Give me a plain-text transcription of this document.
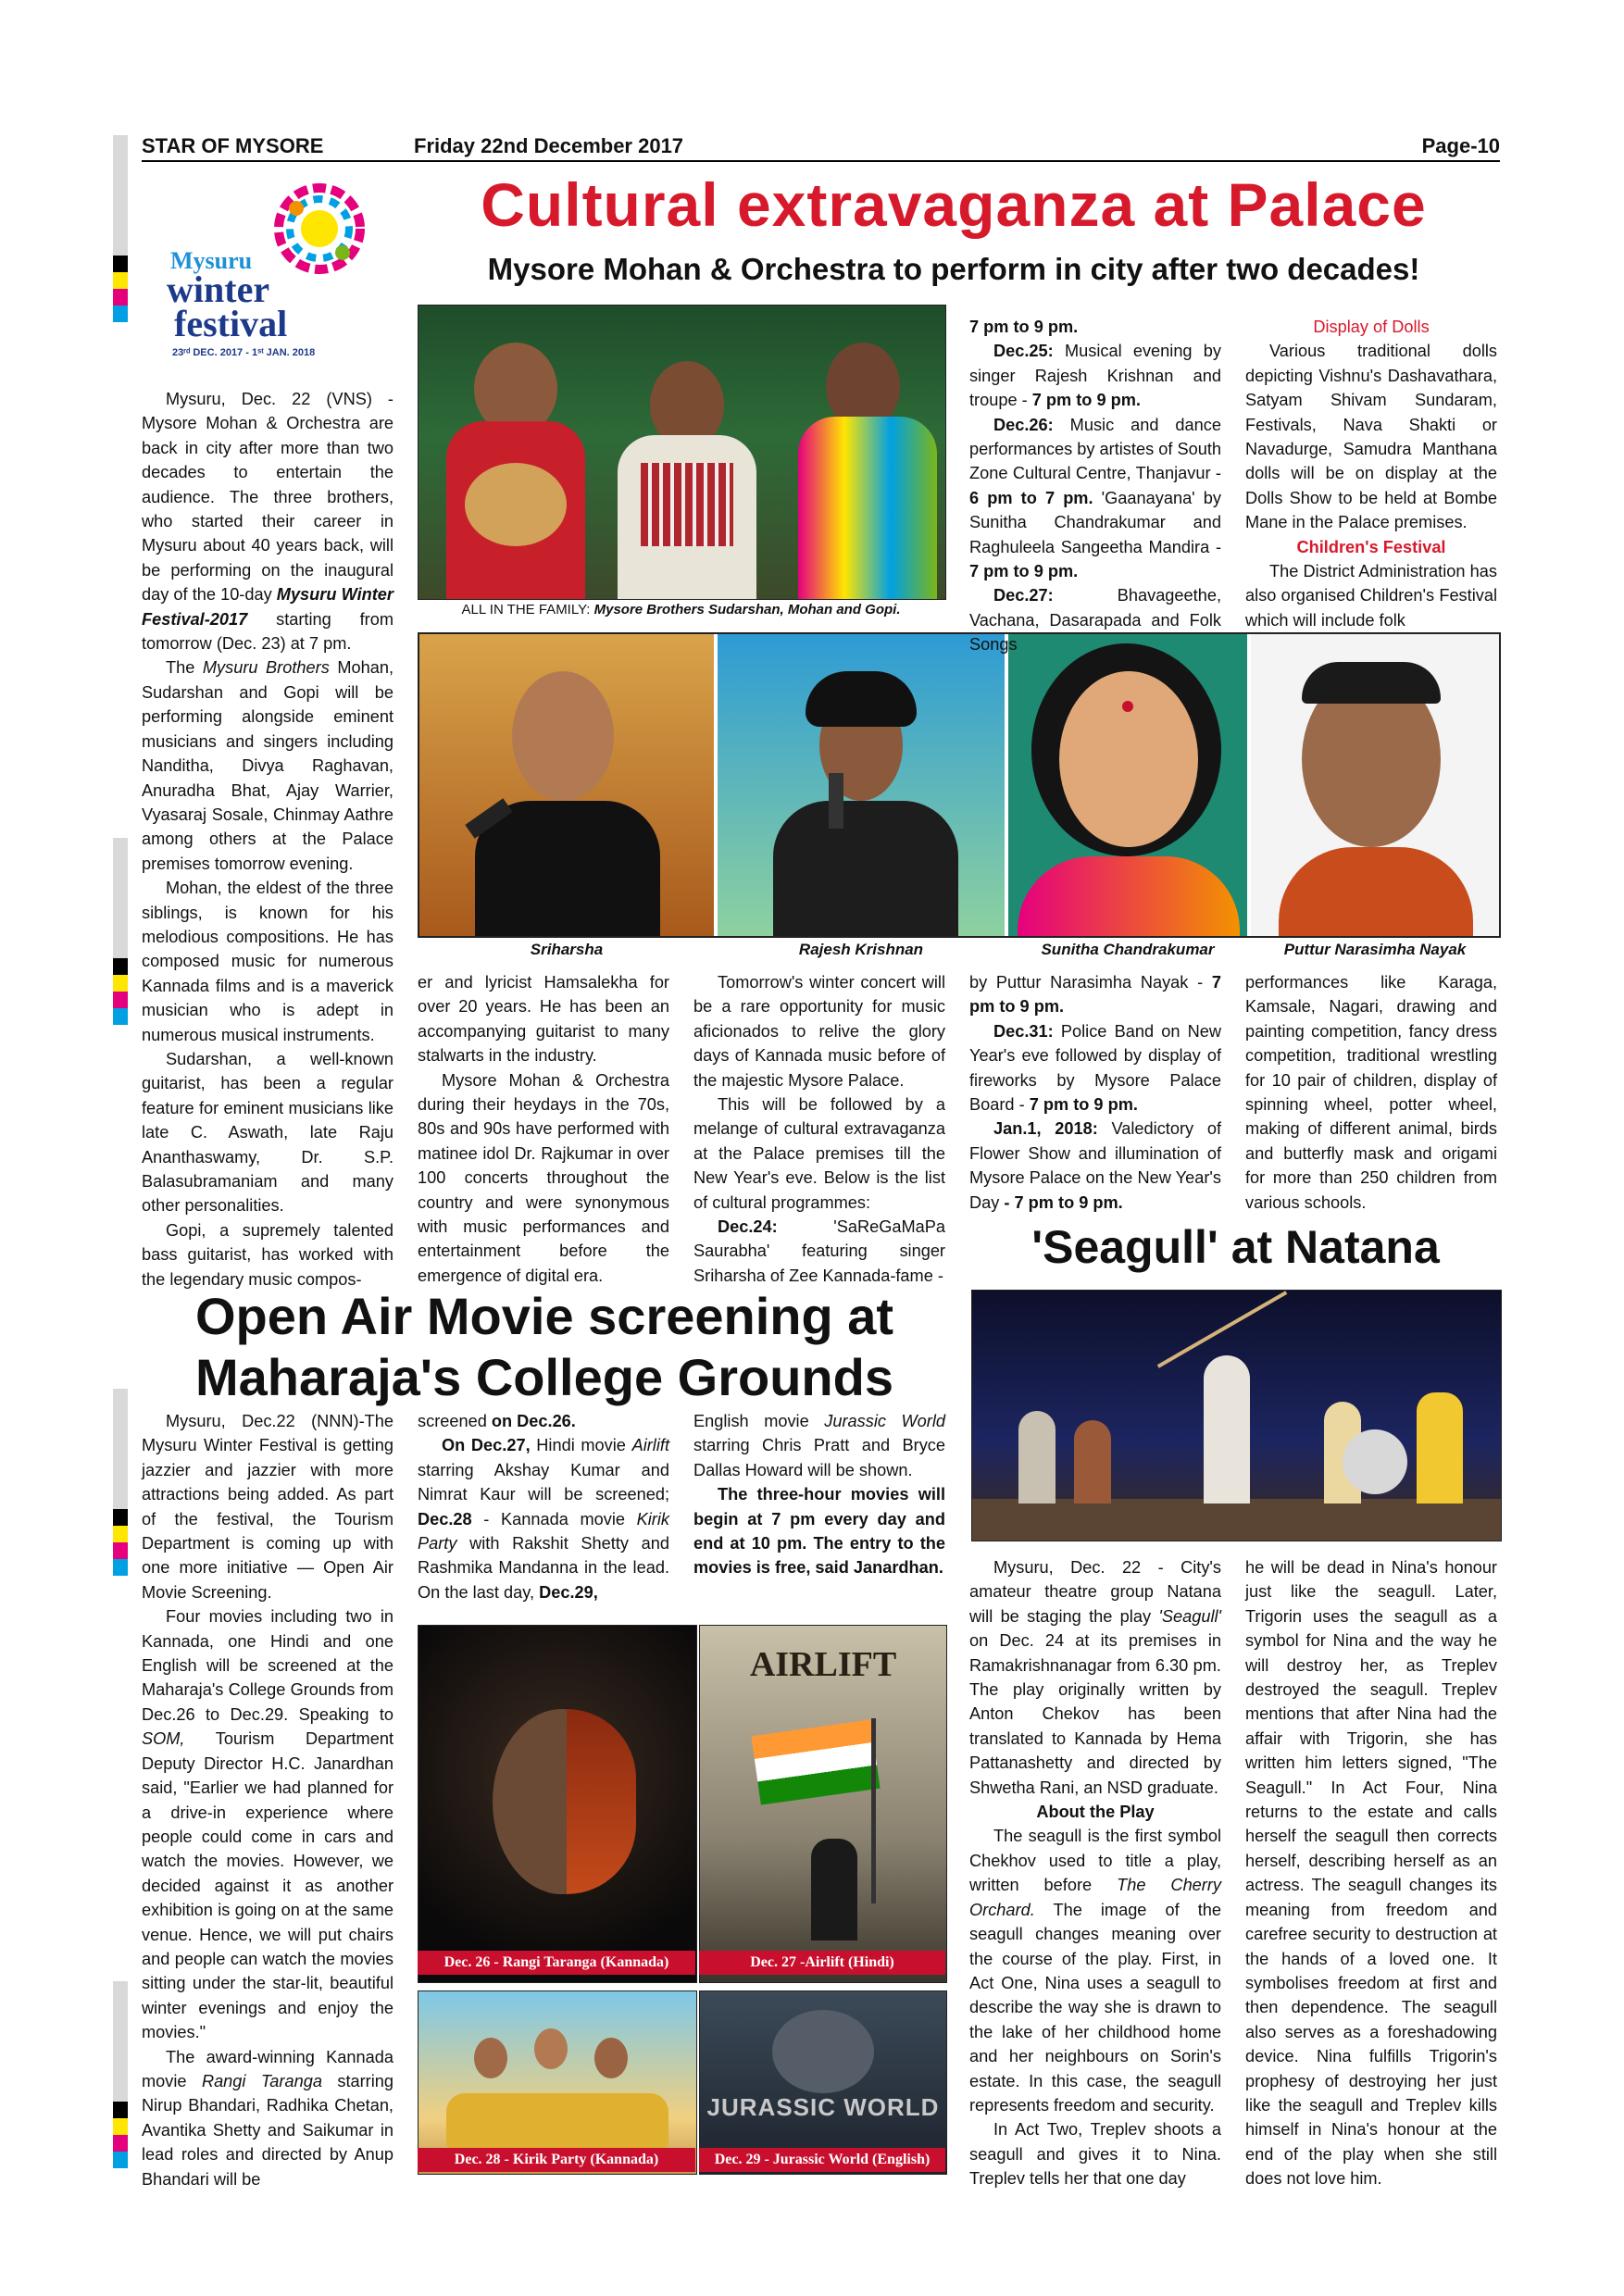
STAR OF MYSORE	Friday 22nd December 2017	Page-10
Mysuru
winter
festival
23ʳᵈ DEC. 2017 - 1ˢᵗ JAN. 2018
Cultural extravaganza at Palace
Mysore Mohan & Orchestra to perform in city after two decades!
ALL IN THE FAMILY: Mysore Brothers Sudarshan, Mohan and Gopi.
Sriharsha	Rajesh Krishnan	Sunitha Chandrakumar	Puttur Narasimha Nayak

Mysuru, Dec. 22 (VNS) - Mysore Mohan & Orchestra are back in city after more than two decades to entertain the audience. The three brothers, who started their career in Mysuru about 40 years back, will be performing on the inaugural day of the 10-day Mysuru Winter Festival-2017 starting from tomorrow (Dec. 23) at 7 pm.

The Mysuru Brothers Mohan, Sudarshan and Gopi will be performing alongside eminent musicians and singers including Nanditha, Divya Raghavan, Anuradha Bhat, Ajay Warrier, Vyasaraj Sosale, Chinmay Aathre among others at the Palace premises tomorrow evening.

Mohan, the eldest of the three siblings, is known for his melodious compositions. He has composed music for numerous Kannada films and is a maverick musician who is adept in numerous musical instruments.

Sudarshan, a well-known guitarist, has been a regular feature for eminent musicians like late C. Aswath, late Raju Ananthaswamy, Dr. S.P. Balasubramaniam and many other personalities.

Gopi, a supremely talented bass guitarist, has worked with the legendary music compos-

er and lyricist Hamsalekha for over 20 years. He has been an accompanying guitarist to many stalwarts in the industry.

Mysore Mohan & Orchestra during their heydays in the 70s, 80s and 90s have performed with matinee idol Dr. Rajkumar in over 100 concerts throughout the country and were synonymous with music performances and entertainment before the emergence of digital era.

Tomorrow's winter concert will be a rare opportunity for music aficionados to relive the glory days of Kannada music before of the majestic Mysore Palace.

This will be followed by a melange of cultural extravaganza at the Palace premises till the New Year's eve. Below is the list of cultural programmes:

Dec.24: 'SaReGaMaPa Saurabha' featuring singer Sriharsha of Zee Kannada-fame -

7 pm to 9 pm.

Dec.25: Musical evening by singer Rajesh Krishnan and troupe - 7 pm to 9 pm.

Dec.26: Music and dance performances by artistes of South Zone Cultural Centre, Thanjavur - 6 pm to 7 pm. 'Gaanayana' by Sunitha Chandrakumar and Raghuleela Sangeetha Mandira - 7 pm to 9 pm.

Dec.27: Bhavageethe, Vachana, Dasarapada and Folk Songs

by Puttur Narasimha Nayak - 7 pm to 9 pm.

Dec.31: Police Band on New Year's eve followed by display of fireworks by Mysore Palace Board - 7 pm to 9 pm.

Jan.1, 2018: Valedictory of Flower Show and illumination of Mysore Palace on the New Year's Day - 7 pm to 9 pm.

Display of Dolls

Various traditional dolls depicting Vishnu's Dashavathara, Satyam Shivam Sundaram, Festivals, Nava Shakti or Navadurge, Samudra Manthana dolls will be on display at the Dolls Show to be held at Bombe Mane in the Palace premises.

Children's Festival

The District Administration has also organised Children's Festival which will include folk

performances like Karaga, Kamsale, Nagari, drawing and painting competition, fancy dress competition, traditional wrestling for 10 pair of children, display of spinning wheel, potter wheel, making of different animal, birds and butterfly mask and origami for more than 250 children from various schools.

Open Air Movie screening at
Maharaja's College Grounds

Mysuru, Dec.22 (NNN)-The Mysuru Winter Festival is getting jazzier and jazzier with more attractions being added. As part of the festival, the Tourism Department is coming up with one more initiative — Open Air Movie Screening.

Four movies including two in Kannada, one Hindi and one English will be screened at the Maharaja's College Grounds from Dec.26 to Dec.29. Speaking to SOM, Tourism Department Deputy Director H.C. Janardhan said, "Earlier we had planned for a drive-in experience where people could come in cars and watch the movies. However, we decided against it as another exhibition is going on at the same venue. Hence, we will put chairs and people can watch the movies sitting under the star-lit, beautiful winter evenings and enjoy the movies."

The award-winning Kannada movie Rangi Taranga starring Nirup Bhandari, Radhika Chetan, Avantika Shetty and Saikumar in lead roles and directed by Anup Bhandari will be

screened on Dec.26.

On Dec.27, Hindi movie Airlift starring Akshay Kumar and Nimrat Kaur will be screened; Dec.28 - Kannada movie Kirik Party with Rakshit Shetty and Rashmika Mandanna in the lead. On the last day, Dec.29,

English movie Jurassic World starring Chris Pratt and Bryce Dallas Howard will be shown.

The three-hour movies will begin at 7 pm every day and end at 10 pm. The entry to the movies is free, said Janardhan.

Dec. 26 - Rangi Taranga (Kannada)
AIRLIFT
Dec. 27 -Airlift (Hindi)
Dec. 28 - Kirik Party (Kannada)
JURASSIC WORLD
Dec. 29 - Jurassic World (English)
'Seagull' at Natana

Mysuru, Dec. 22 - City's amateur theatre group Natana will be staging the play 'Seagull' on Dec. 24 at its premises in Ramakrishnanagar from 6.30 pm. The play originally written by Anton Chekov has been translated to Kannada by Hema Pattanashetty and directed by Shwetha Rani, an NSD graduate.

About the Play

The seagull is the first symbol Chekhov used to title a play, written before The Cherry Orchard. The image of the seagull changes meaning over the course of the play. First, in Act One, Nina uses a seagull to describe the way she is drawn to the lake of her childhood home and her neighbours on Sorin's estate. In this case, the seagull represents freedom and security.

In Act Two, Treplev shoots a seagull and gives it to Nina. Treplev tells her that one day

he will be dead in Nina's honour just like the seagull. Later, Trigorin uses the seagull as a symbol for Nina and the way he will destroy her, as Treplev destroyed the seagull. Treplev mentions that after Nina had the affair with Trigorin, she has written him letters signed, "The Seagull." In Act Four, Nina returns to the estate and calls herself the seagull then corrects herself, describing herself as an actress. The seagull changes its meaning from freedom and carefree security to destruction at the hands of a loved one. It symbolises freedom at first and then dependence. The seagull also serves as a foreshadowing device. Nina fulfills Trigorin's prophesy of destroying her just like the seagull and Treplev kills himself in Nina's honour at the end of the play when she still does not love him.
